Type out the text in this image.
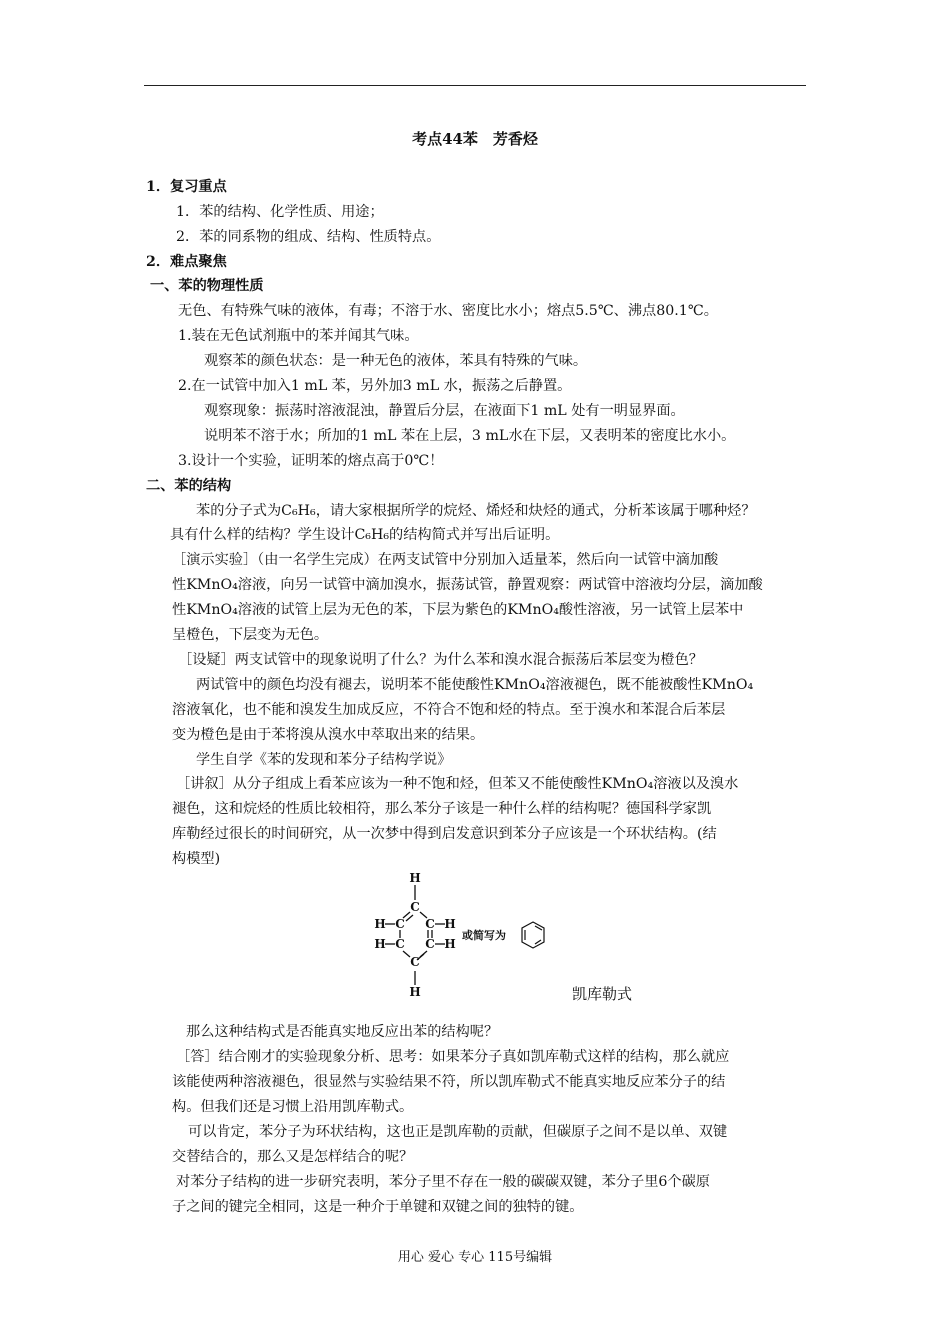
考点44苯　芳香烃
1．复习重点
1．苯的结构、化学性质、用途；
2．苯的同系物的组成、结构、性质特点。
2．难点聚焦
一、苯的物理性质
无色、有特殊气味的液体，有毒；不溶于水、密度比水小；熔点5.5℃、沸点80.1℃。
1.装在无色试剂瓶中的苯并闻其气味。
观察苯的颜色状态：是一种无色的液体，苯具有特殊的气味。
2.在一试管中加入1 mL 苯，另外加3 mL 水，振荡之后静置。
观察现象：振荡时溶液混浊，静置后分层，在液面下1 mL 处有一明显界面。
说明苯不溶于水；所加的1 mL 苯在上层，3 mL水在下层，又表明苯的密度比水小。
3.设计一个实验，证明苯的熔点高于0℃！
二、苯的结构
苯的分子式为C₆H₆，请大家根据所学的烷烃、烯烃和炔烃的通式，分析苯该属于哪种烃？
具有什么样的结构？学生设计C₆H₆的结构简式并写出后证明。
［演示实验］（由一名学生完成）在两支试管中分别加入适量苯，然后向一试管中滴加酸
性KMnO₄溶液，向另一试管中滴加溴水，振荡试管，静置观察：两试管中溶液均分层，滴加酸
性KMnO₄溶液的试管上层为无色的苯，下层为紫色的KMnO₄酸性溶液，另一试管上层苯中
呈橙色，下层变为无色。
［设疑］两支试管中的现象说明了什么？为什么苯和溴水混合振荡后苯层变为橙色？
两试管中的颜色均没有褪去，说明苯不能使酸性KMnO₄溶液褪色，既不能被酸性KMnO₄
溶液氧化，也不能和溴发生加成反应，不符合不饱和烃的特点。至于溴水和苯混合后苯层
变为橙色是由于苯将溴从溴水中萃取出来的结果。
学生自学《苯的发现和苯分子结构学说》
［讲叙］从分子组成上看苯应该为一种不饱和烃，但苯又不能使酸性KMnO₄溶液以及溴水
褪色，这和烷烃的性质比较相符，那么苯分子该是一种什么样的结构呢？德国科学家凯
库勒经过很长的时间研究，从一次梦中得到启发意识到苯分子应该是一个环状结构。(结
构模型)
H
C
C C
C C
C
H
H
H
H
H
或简写为
凯库勒式
那么这种结构式是否能真实地反应出苯的结构呢？
［答］结合刚才的实验现象分析、思考：如果苯分子真如凯库勒式这样的结构，那么就应
该能使两种溶液褪色，很显然与实验结果不符，所以凯库勒式不能真实地反应苯分子的结
构。但我们还是习惯上沿用凯库勒式。
可以肯定，苯分子为环状结构，这也正是凯库勒的贡献，但碳原子之间不是以单、双键
交替结合的，那么又是怎样结合的呢？
对苯分子结构的进一步研究表明，苯分子里不存在一般的碳碳双键，苯分子里6个碳原
子之间的键完全相同，这是一种介于单键和双键之间的独特的键。
用心 爱心 专心 115号编辑
